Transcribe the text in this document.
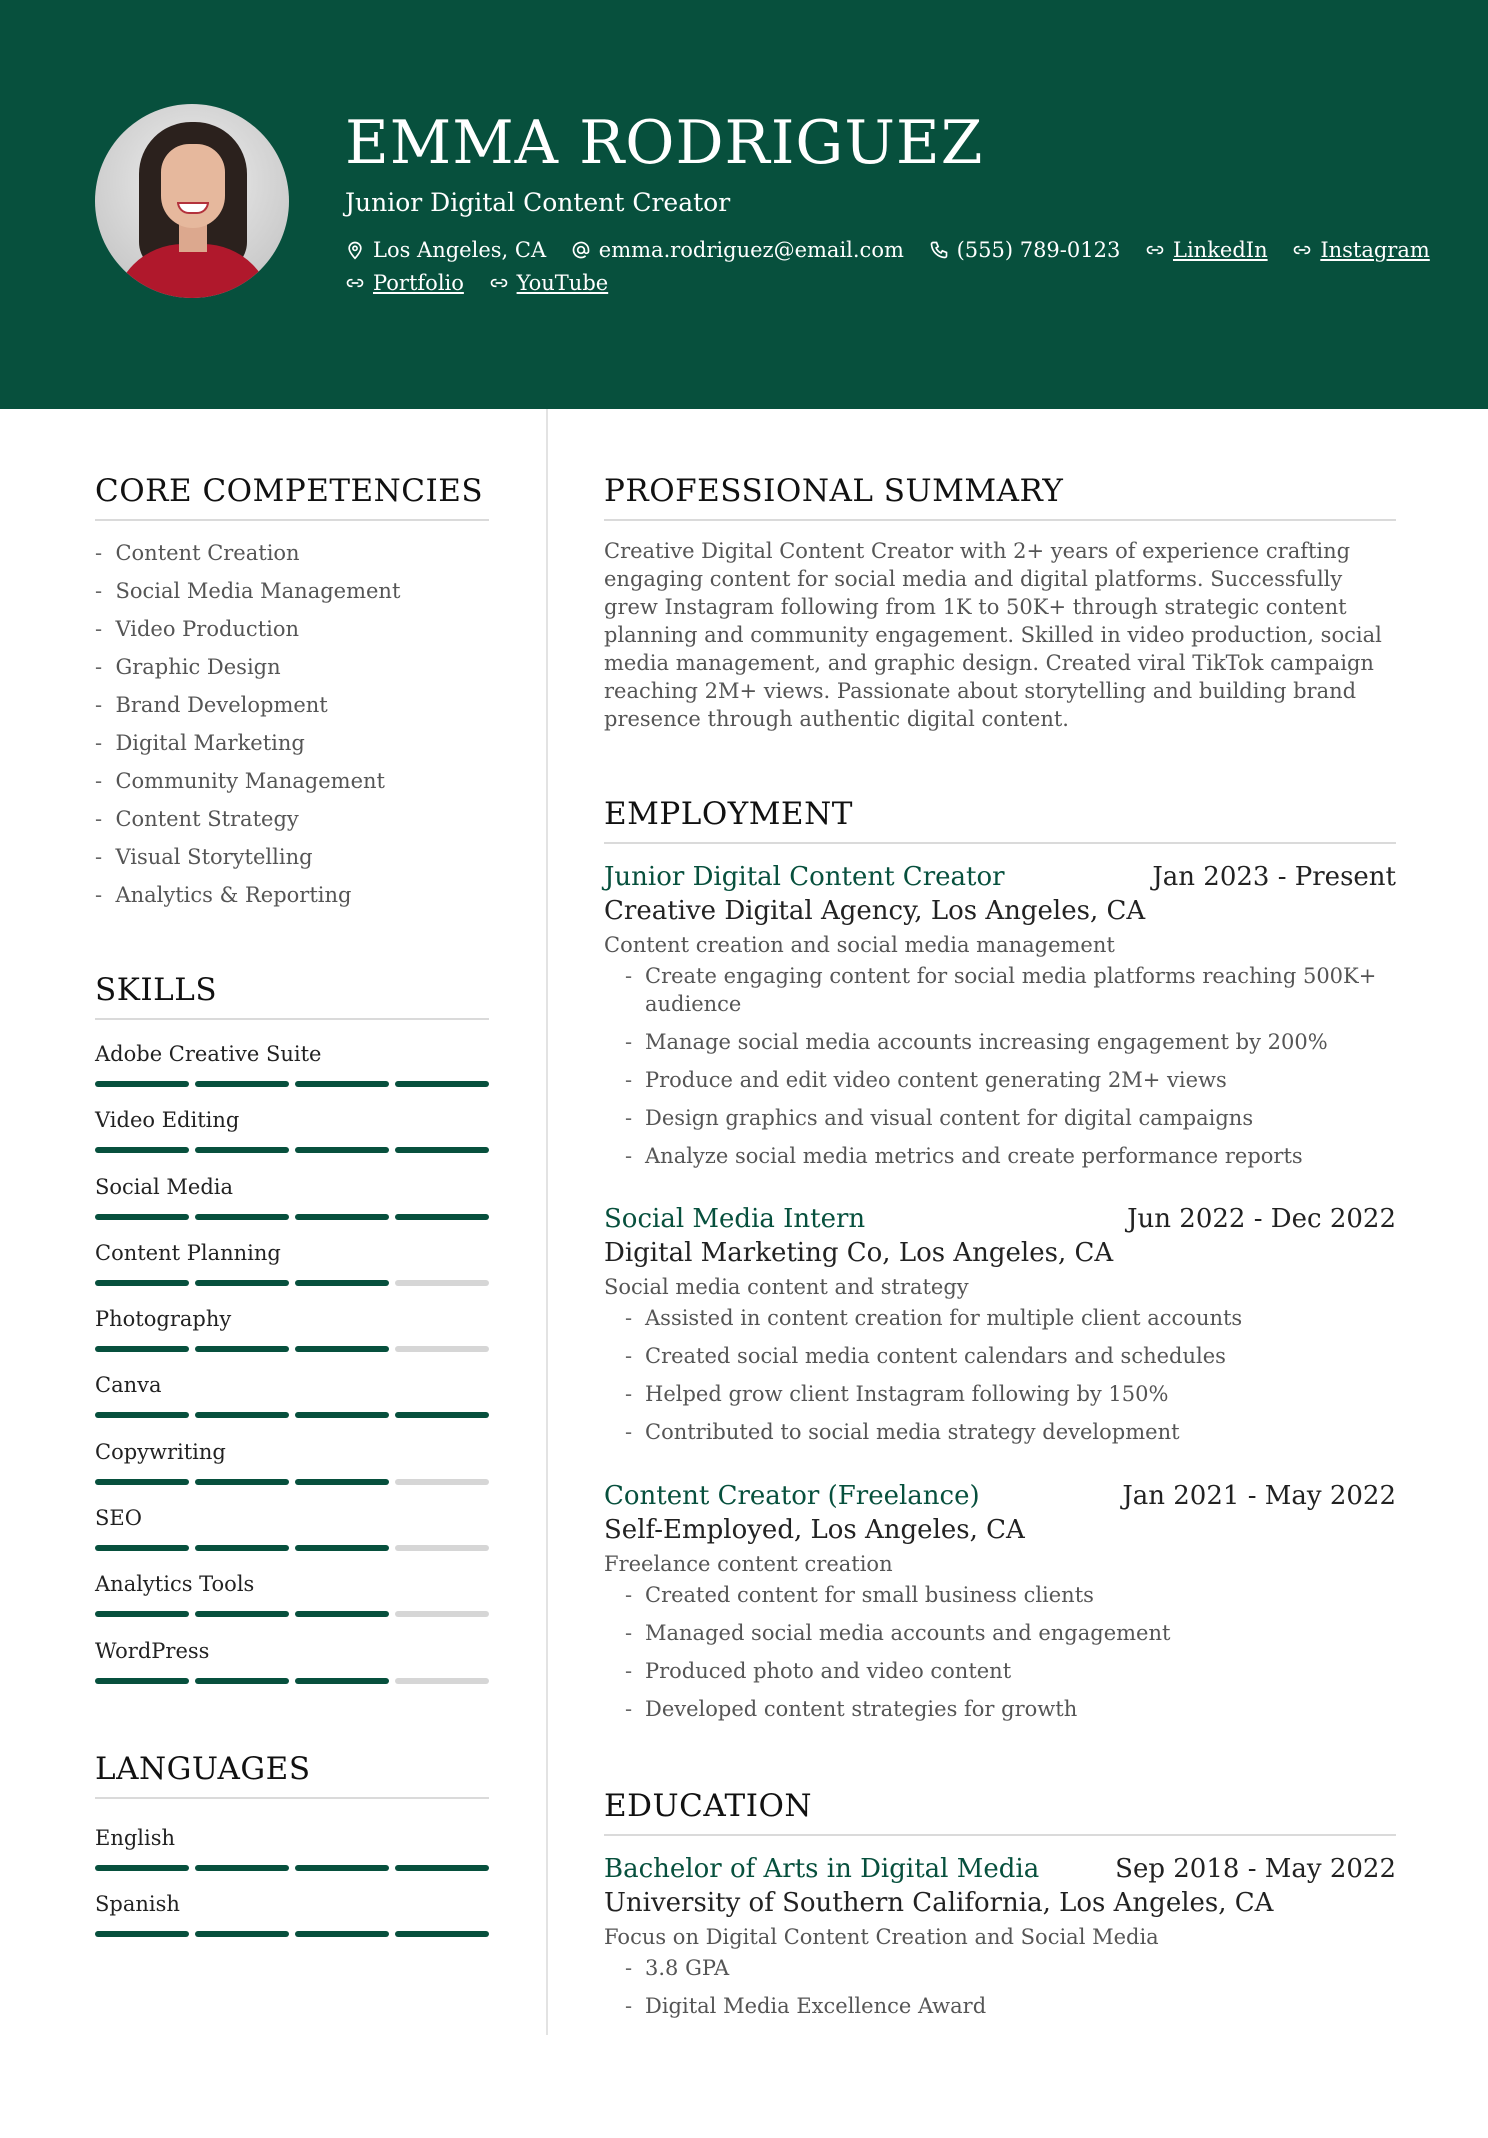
EMMA RODRIGUEZ
Junior Digital Content Creator
Los Angeles, CA
	emma.rodriguez@email.com
	(555) 789-0123
	LinkedIn
	Instagram
Portfolio
	YouTube
CORE COMPETENCIES
- Content Creation
- Social Media Management
- Video Production
- Graphic Design
- Brand Development
- Digital Marketing
- Community Management
- Content Strategy
- Visual Storytelling
- Analytics & Reporting
SKILLS
Adobe Creative Suite
Video Editing
Social Media
Content Planning
Photography
Canva
Copywriting
SEO
Analytics Tools
WordPress
LANGUAGES
English
Spanish
PROFESSIONAL SUMMARY

Creative Digital Content Creator with 2+ years of experience crafting engaging content for social media and digital platforms. Successfully grew Instagram following from 1K to 50K+ through strategic content planning and community engagement. Skilled in video production, social media management, and graphic design. Created viral TikTok campaign reaching 2M+ views. Passionate about storytelling and building brand presence through authentic digital content.

EMPLOYMENT
Junior Digital Content Creator	Jan 2023 - Present
Creative Digital Agency, Los Angeles, CA
Content creation and social media management
- Create engaging content for social media platforms reaching 500K+ audience
- Manage social media accounts increasing engagement by 200%
- Produce and edit video content generating 2M+ views
- Design graphics and visual content for digital campaigns
- Analyze social media metrics and create performance reports
Social Media Intern	Jun 2022 - Dec 2022
Digital Marketing Co, Los Angeles, CA
Social media content and strategy
- Assisted in content creation for multiple client accounts
- Created social media content calendars and schedules
- Helped grow client Instagram following by 150%
- Contributed to social media strategy development
Content Creator (Freelance)	Jan 2021 - May 2022
Self-Employed, Los Angeles, CA
Freelance content creation
- Created content for small business clients
- Managed social media accounts and engagement
- Produced photo and video content
- Developed content strategies for growth
EDUCATION
Bachelor of Arts in Digital Media	Sep 2018 - May 2022
University of Southern California, Los Angeles, CA
Focus on Digital Content Creation and Social Media
- 3.8 GPA
- Digital Media Excellence Award
